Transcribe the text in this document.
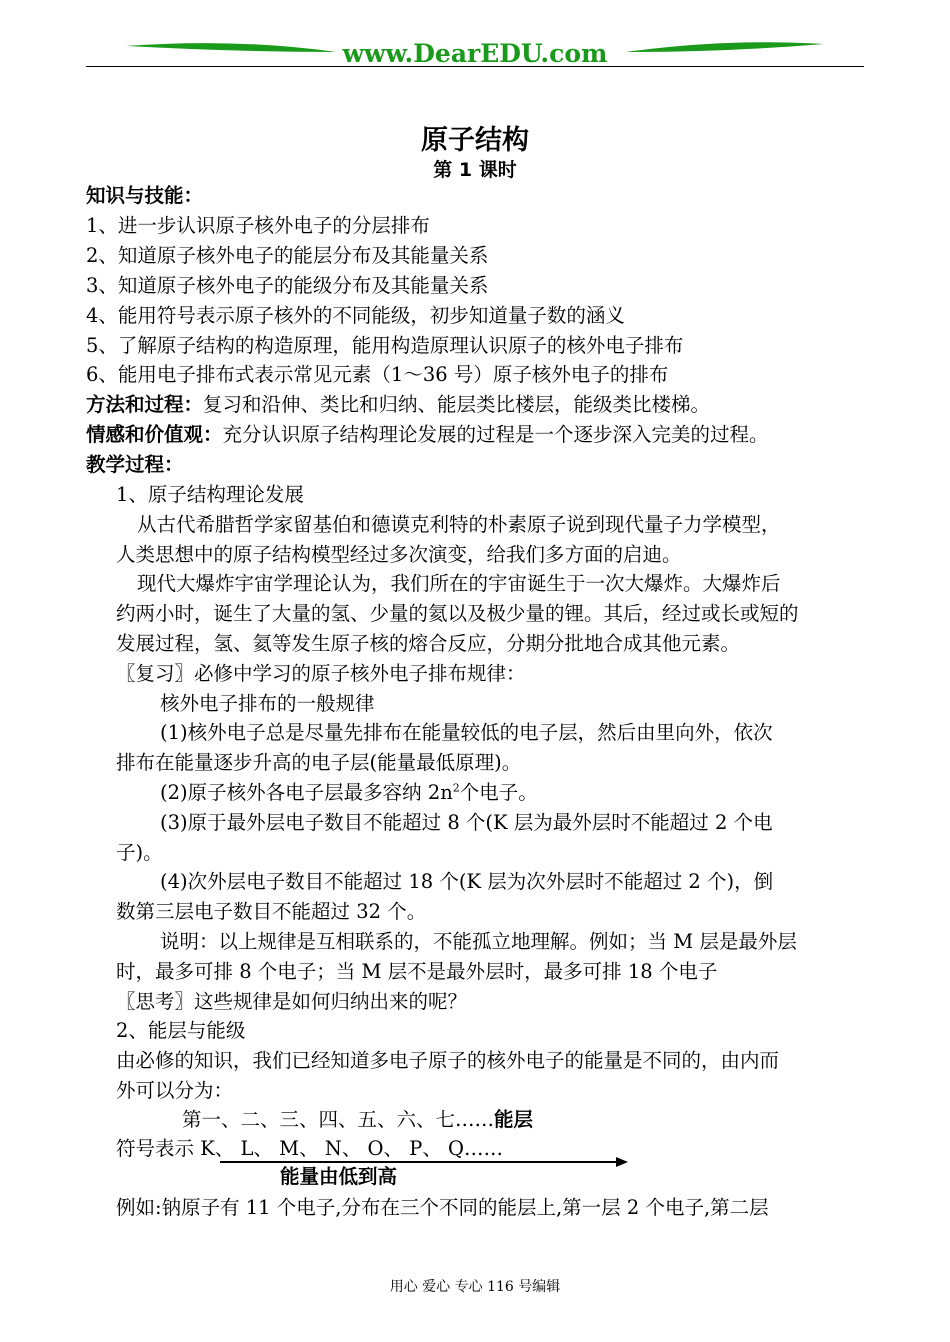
www.DearEDU.com
原子结构
第 1 课时
知识与技能：
1、进一步认识原子核外电子的分层排布
2、知道原子核外电子的能层分布及其能量关系
3、知道原子核外电子的能级分布及其能量关系
4、能用符号表示原子核外的不同能级，初步知道量子数的涵义
5、了解原子结构的构造原理，能用构造原理认识原子的核外电子排布
6、能用电子排布式表示常见元素（1～36 号）原子核外电子的排布
方法和过程：复习和沿伸、类比和归纳、能层类比楼层，能级类比楼梯。
情感和价值观：充分认识原子结构理论发展的过程是一个逐步深入完美的过程。
教学过程：
1、原子结构理论发展
从古代希腊哲学家留基伯和德谟克利特的朴素原子说到现代量子力学模型，
人类思想中的原子结构模型经过多次演变，给我们多方面的启迪。
现代大爆炸宇宙学理论认为，我们所在的宇宙诞生于一次大爆炸。大爆炸后
约两小时，诞生了大量的氢、少量的氦以及极少量的锂。其后，经过或长或短的
发展过程，氢、氦等发生原子核的熔合反应，分期分批地合成其他元素。
〖复习〗必修中学习的原子核外电子排布规律：
核外电子排布的一般规律
(1)核外电子总是尽量先排布在能量较低的电子层，然后由里向外，依次
排布在能量逐步升高的电子层(能量最低原理)。
(2)原子核外各电子层最多容纳 $2n^2$个电子。
(3)原于最外层电子数目不能超过 8 个(K 层为最外层时不能超过 2 个电
子)。
(4)次外层电子数目不能超过 18 个(K 层为次外层时不能超过 2 个)，倒
数第三层电子数目不能超过 32 个。
说明：以上规律是互相联系的，不能孤立地理解。例如；当 M 层是最外层
时，最多可排 8 个电子；当 M 层不是最外层时，最多可排 18 个电子
〖思考〗这些规律是如何归纳出来的呢？
2、能层与能级
由必修的知识，我们已经知道多电子原子的核外电子的能量是不同的，由内而
外可以分为：
第一、二、三、四、五、六、七……能层
符号表示 K、 L、 M、 N、 O、 P、 Q……
能量由低到高
例如:钠原子有 11 个电子,分布在三个不同的能层上,第一层 2 个电子,第二层
用心 爱心 专心 116 号编辑
